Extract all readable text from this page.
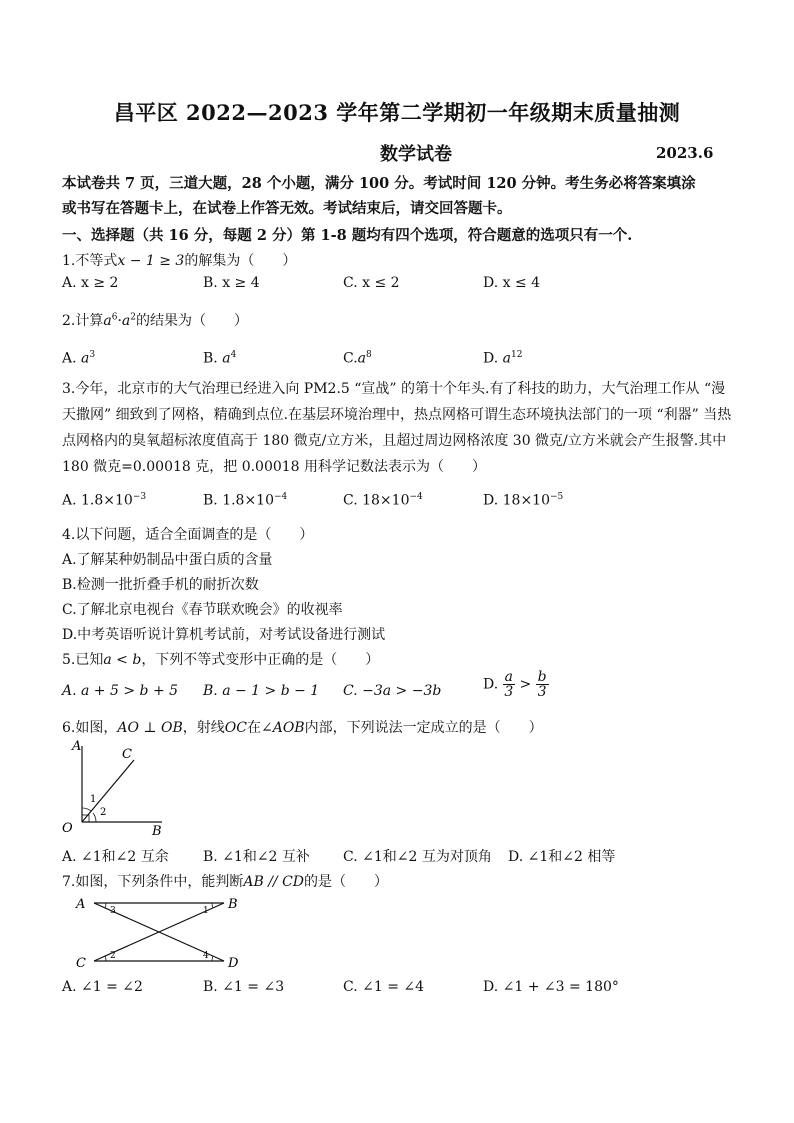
昌平区 2022—2023 学年第二学期初一年级期末质量抽测
数学试卷	2023.6
本试卷共 7 页，三道大题，28 个小题，满分 100 分。考试时间 120 分钟。考生务必将答案填涂
或书写在答题卡上，在试卷上作答无效。考试结束后，请交回答题卡。
一、选择题（共 16 分，每题 2 分）第 1-8 题均有四个选项，符合题意的选项只有一个.
1.不等式x − 1 ≥ 3的解集为（　　）
A. x ≥ 2	B. x ≥ 4	C. x ≤ 2	D. x ≤ 4
2.计算$a^6\cdot a^2$的结果为（　　）
A. $a^3$	B. $a^4$	$C.a^8$	D. $a^{12}$
3.今年，北京市的大气治理已经进入向 PM2.5 “宣战” 的第十个年头.有了科技的助力，大气治理工作从 “漫天撒网” 细致到了网格，精确到点位.在基层环境治理中，热点网格可谓生态环境执法部门的一项 “利器” 当热点网格内的臭氧超标浓度值高于 180 微克/立方米，且超过周边网格浓度 30 微克/立方米就会产生报警.其中 180 微克=0.00018 克，把 0.00018 用科学记数法表示为（　　）
A. $1.8\times 10^{-3}$	B. $1.8\times 10^{-4}$	C. $18\times 10^{-4}$	D. $18\times 10^{-5}$
4.以下问题，适合全面调查的是（　　）
A.了解某种奶制品中蛋白质的含量
B.检测一批折叠手机的耐折次数
C.了解北京电视台《春节联欢晚会》的收视率
D.中考英语听说计算机考试前，对考试设备进行测试
5.已知a < b，下列不等式变形中正确的是（　　）
A. a + 5 > b + 5 B. a − 1 > b − 1 C. −3a > −3b	D. $\frac{a}{3} > \frac{b}{3}$
6.如图，AO ⊥ OB，射线OC在∠AOB内部，下列说法一定成立的是（　　）
A
C
O	B
1
2
A. ∠1和∠2 互余 B. ∠1和∠2 互补 C. ∠1和∠2 互为对顶角 D. ∠1和∠2 相等
7.如图，下列条件中，能判断AB // CD的是（　　）
A	B
C	D
3	1
2	4
A. ∠1 = ∠2	B. ∠1 = ∠3	C. ∠1 = ∠4	D. ∠1 + ∠3 = 180°
